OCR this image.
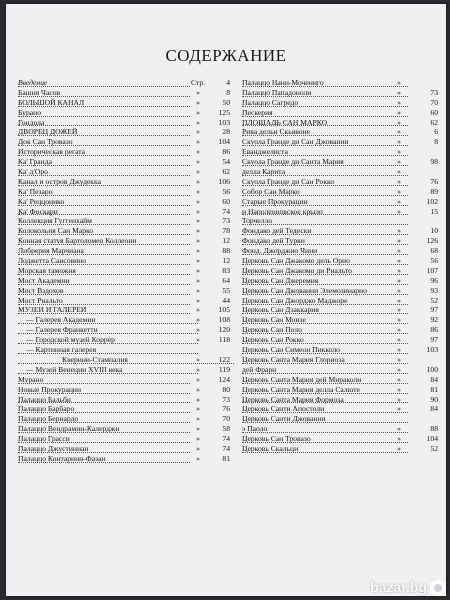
СОДЕРЖАНИЕ
Введение	Стр.	4
Башня Часов	»	8
БОЛЬШОЙ КАНАЛ	»	50
Бурано	»	125
Гондола	»	103
ДВОРЕЦ ДОЖЕЙ	»	28
Док Сан Тровазо	»	104
Историческая регата	»	86
Ка' Гранда	»	54
Ка' д'Оро	»	62
Канал и остров Джудекка	»	106
Ка' Пезаро	»	56
Ка' Реццонико	»	60
Ка' Фоскари	»	74
Коллекция Гуггенхайм	»	73
Колокольня Сан Марко	»	78
Конная статуя Бартоломео Коллеони	»	12
Либрерия Марчиана	»	88
Лоджетта Сансовино	»	12
Морская таможня	»	83
Мост Академии	»	64
Мост Вздохов	»	55
Мост Риальто	»	44
МУЗЕИ И ГАЛЕРЕИ	»	105
— Галерея Академии	»	108
— Галерея Франкетти	»	120
— Городской музей Коррер	»	118
— Картинная галерея
Кверини-Стампалия	»	122
— Музей Венеции XVIII века	»	119
Мурано	»	124
Новые Прокурации	»	80
Палаццо Бальби	»	73
Палаццо Барбаро	»	76
Палаццо Бернардо	»	70
Палаццо Вендрамин-Калерджи	»	58
Палаццо Грасси	»	74
Палаццо Джустиниан	»	74
Палаццо Контарини-Фазан	»	81
Палаццо Нани-Мочениго	»
Палаццо Пападоноли	»	73
Палаццо Сагредо	»	70
Пескерия	»	60
ПЛОЩАДЬ САН МАРКО	»	62
Рива дельи Скьявоне	»	6
Скуола Гранде ди Сан Джованни	»	8
Еванджелиста	»
Скуола Гранде ди Санта Мария	»	98
делла Карита	»
Скуола Гранде ди Сан Рокко	»	76
Собор Сан Марко	»	89
Старые Прокурации	»	102
и Наполеоновское крыло	»	15
Торчелло
Фондако дей Тедески	»	10
Фондако дей Турки	»	126
Фонд. Джорджио Чини	»	68
Церковь Сан Джакомо дель Орио	»	56
Церковь Сан Джакомо ди Риальто	»	107
Церковь Сан Джеремия	»	96
Церковь Сан Джованни Элемозинарио	»	93
Церковь Сан Джорджо Маджоре	»	52
Церковь Сан Дзаккария	»	97
Церковь Сан Моизе	»	92
Церковь Сан Поло	»	86
Церковь Сан Рокко	»	97
Церковь Сан Симеон Пикколо	»	103
Церковь Санта Мария Глориоза	»
дей Фрари	»	100
Церковь Санта Мария дей Мираколи	»	84
Церковь Санта Мария делла Салюте	»	81
Церковь Санта Мария Формоза	»	90
Церковь Санти Апостоли	»	84
Церковь Санти Джованни
э Паоло	»	88
Церковь Сан Тровазо	»	104
Церковь Скальци	»	52
bazar.bg
